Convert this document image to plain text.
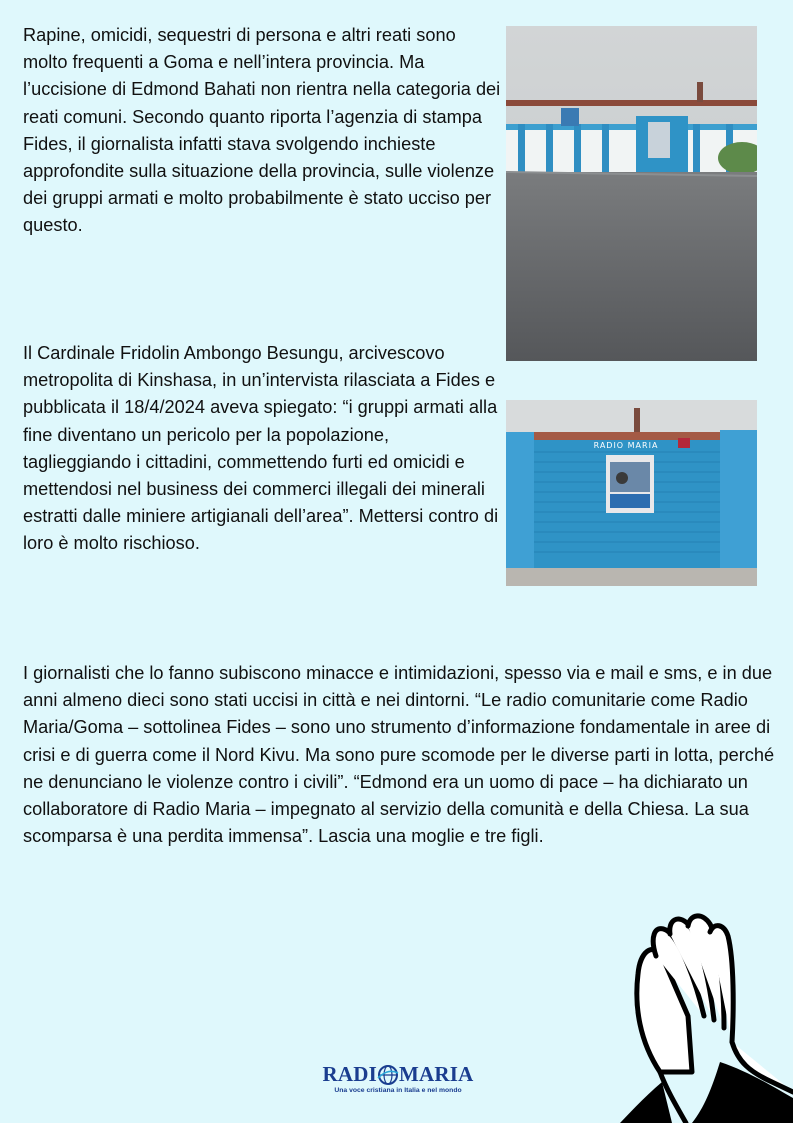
Rapine, omicidi, sequestri di persona e altri reati sono molto frequenti a Goma e nell’intera provincia. Ma l’uccisione di Edmond Bahati non rientra nella categoria dei reati comuni. Secondo quanto riporta l’agenzia di stampa Fides, il giornalista infatti stava svolgendo inchieste approfondite sulla situazione della provincia, sulle violenze dei gruppi armati e molto probabilmente è stato ucciso per questo.

Il Cardinale Fridolin Ambongo Besungu, arcivescovo metropolita di Kinshasa, in un’intervista rilasciata a Fides e pubblicata il 18/4/2024 aveva spiegato: “i gruppi armati alla fine diventano un pericolo per la popolazione, taglieggiando i cittadini, commettendo furti ed omicidi e mettendosi nel business dei commerci illegali dei minerali estratti dalle miniere artigianali dell’area”. Mettersi contro di loro è molto rischioso.

RADIO MARIA

I giornalisti che lo fanno subiscono minacce e intimidazioni, spesso via e mail e sms, e in due anni almeno dieci sono stati uccisi in città e nei dintorni. “Le radio comunitarie come Radio Maria/Goma – sottolinea Fides – sono uno strumento d’informazione fondamentale in aree di crisi e di guerra come il Nord Kivu. Ma sono pure scomode per le diverse parti in lotta, perché ne denunciano le violenze contro i civili”. “Edmond era un uomo di pace – ha dichiarato un collaboratore di Radio Maria – impegnato al servizio della comunità e della Chiesa. La sua scomparsa è una perdita immensa”. Lascia una moglie e tre figli.

RADI MARIA
Una voce cristiana in Italia e nel mondo
